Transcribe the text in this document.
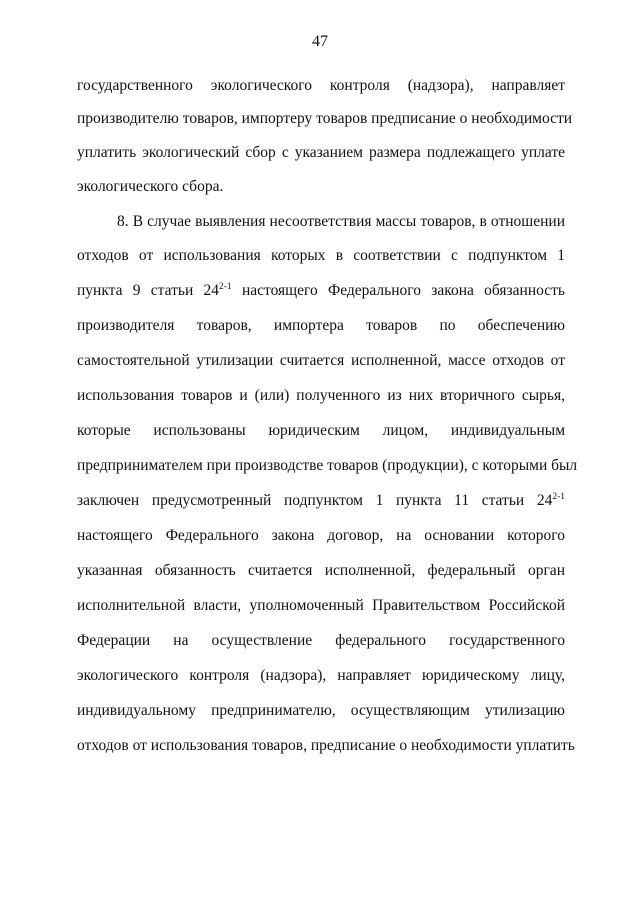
47
государственного экологического контроля (надзора), направляет
производителю товаров, импортеру товаров предписание о необходимости
уплатить экологический сбор с указанием размера подлежащего уплате
экологического сбора.
8. В случае выявления несоответствия массы товаров, в отношении
отходов от использования которых в соответствии с подпунктом 1
пункта 9 статьи 24$^{2-1}$ настоящего Федерального закона обязанность
производителя товаров, импортера товаров по обеспечению
самостоятельной утилизации считается исполненной, массе отходов от
использования товаров и (или) полученного из них вторичного сырья,
которые использованы юридическим лицом, индивидуальным
предпринимателем при производстве товаров (продукции), с которыми был
заключен предусмотренный подпунктом 1 пункта 11 статьи 24$^{2-1}$
настоящего Федерального закона договор, на основании которого
указанная обязанность считается исполненной, федеральный орган
исполнительной власти, уполномоченный Правительством Российской
Федерации на осуществление федерального государственного
экологического контроля (надзора), направляет юридическому лицу,
индивидуальному предпринимателю, осуществляющим утилизацию
отходов от использования товаров, предписание о необходимости уплатить
